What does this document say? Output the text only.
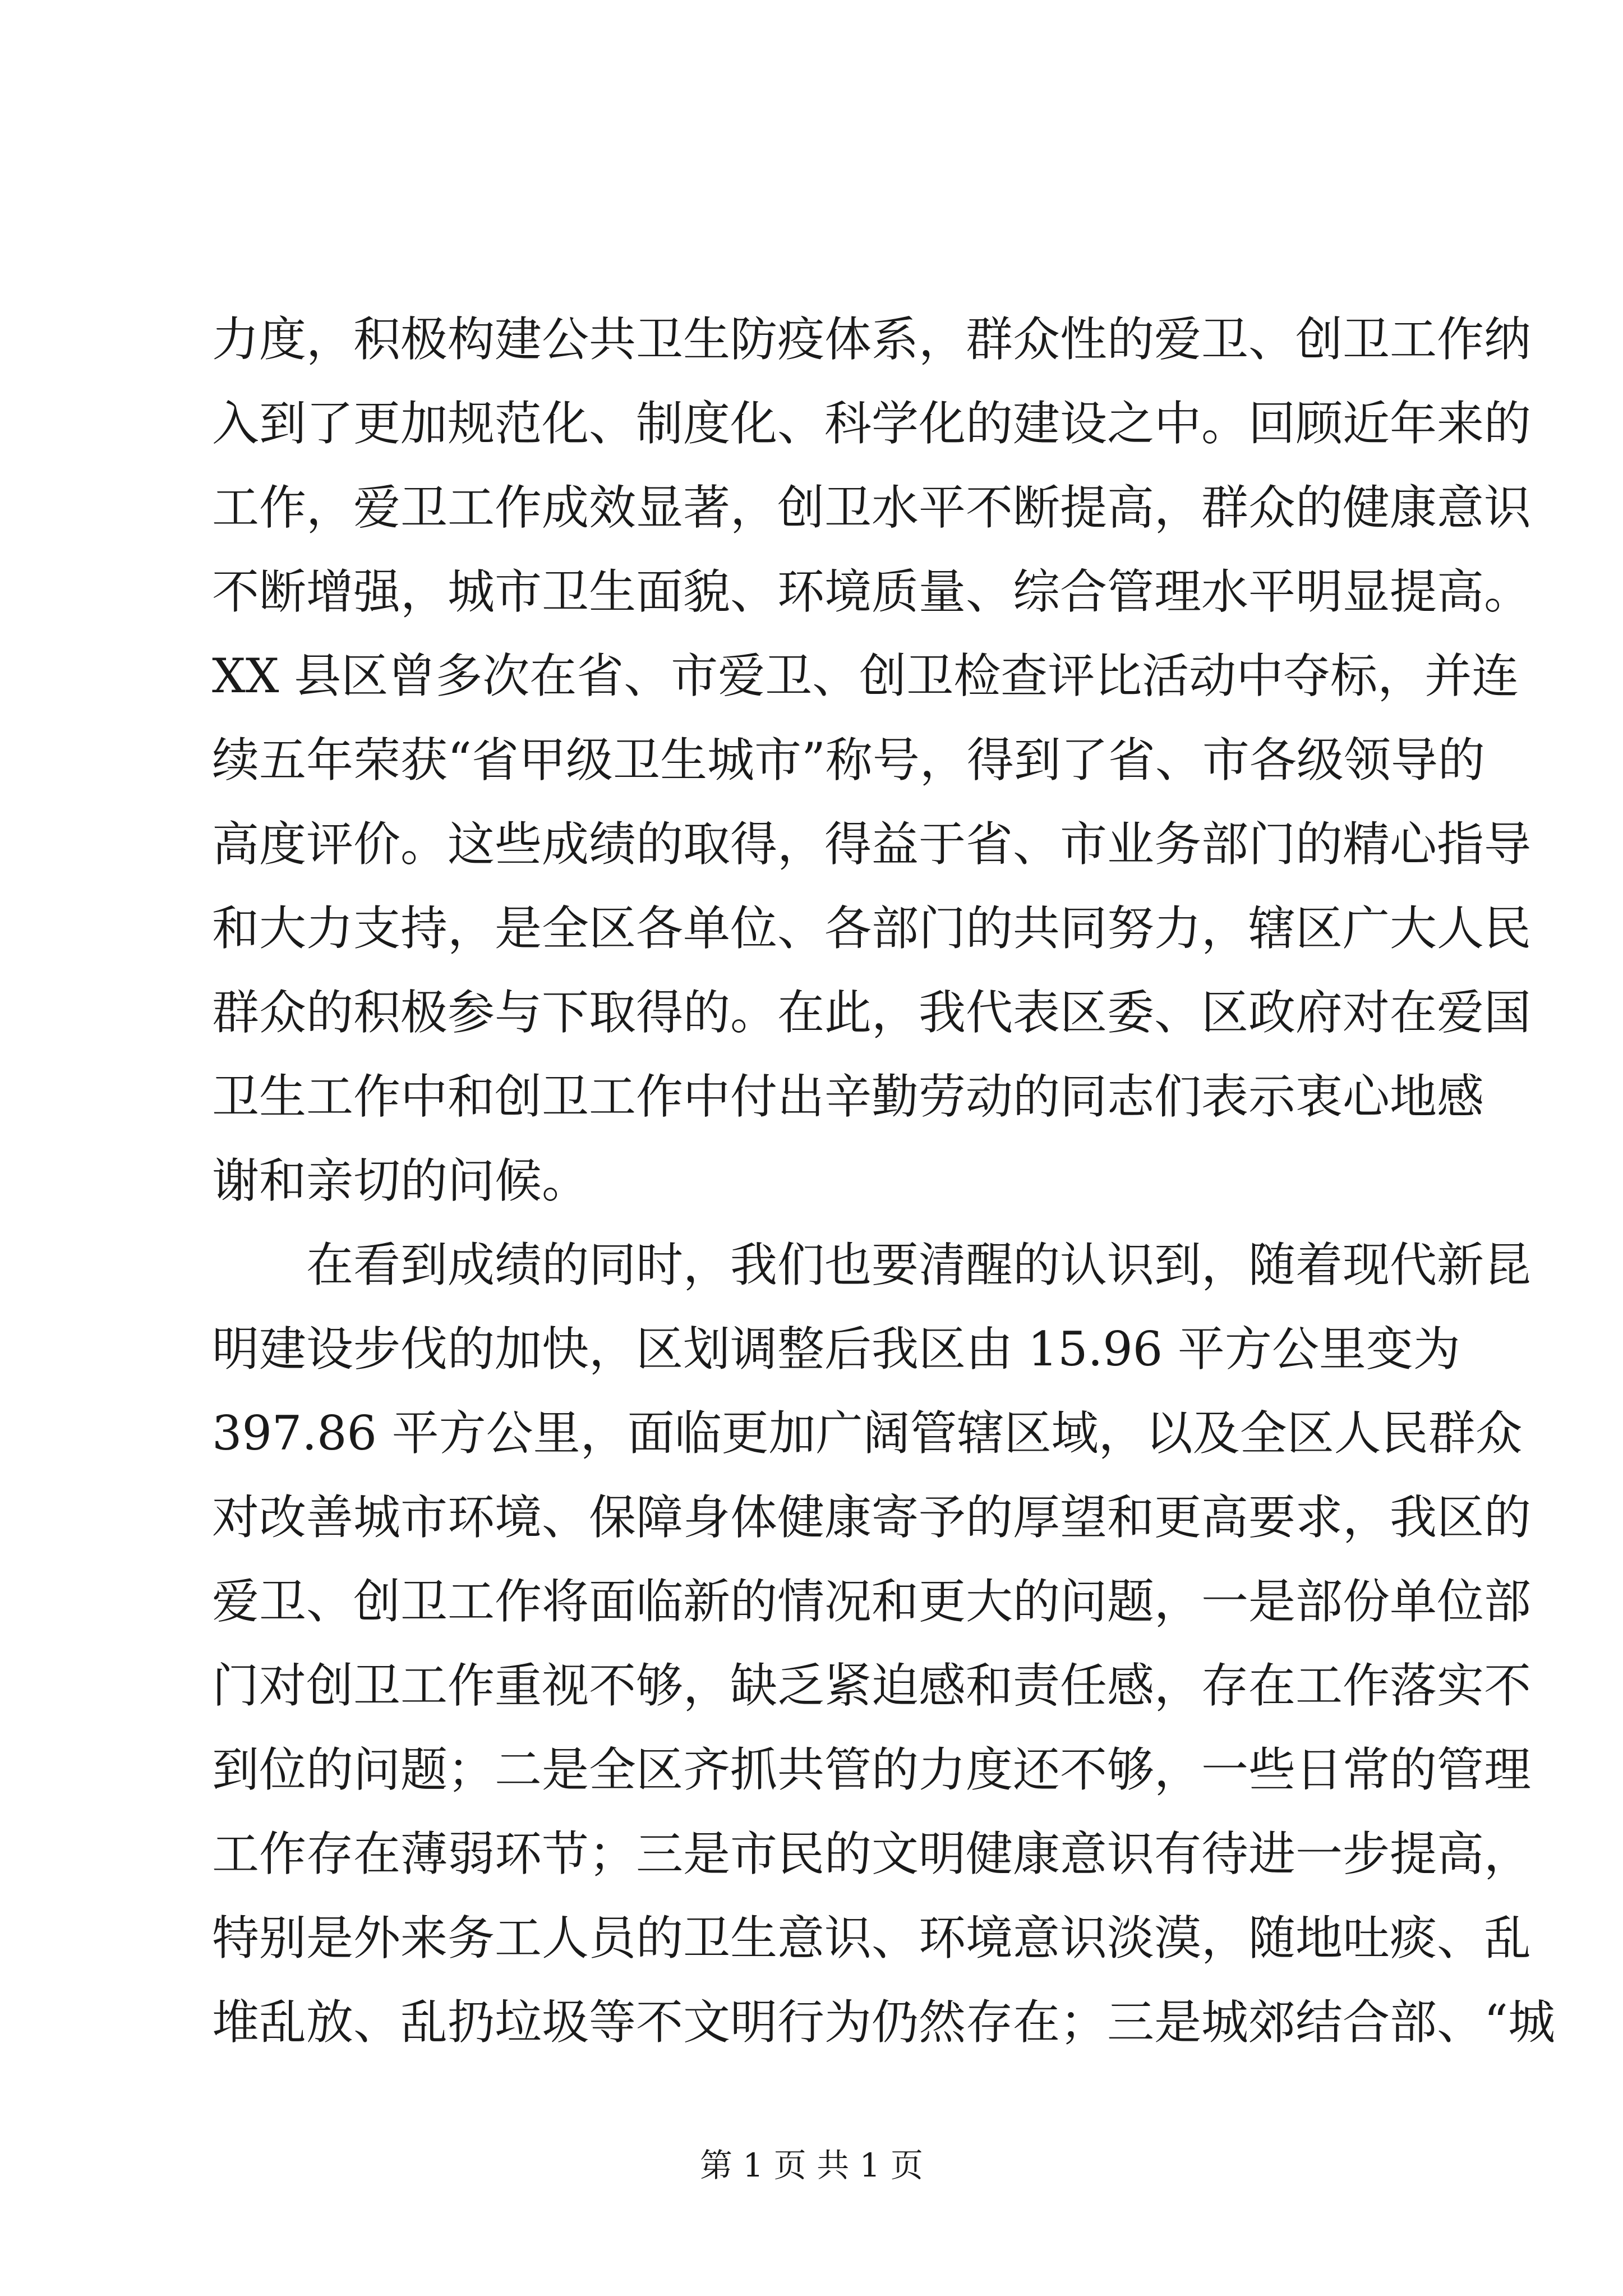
力度，积极构建公共卫生防疫体系，群众性的爱卫、创卫工作纳
入到了更加规范化、制度化、科学化的建设之中。回顾近年来的
工作，爱卫工作成效显著，创卫水平不断提高，群众的健康意识
不断增强，城市卫生面貌、环境质量、综合管理水平明显提高。
XX 县区曾多次在省、市爱卫、创卫检查评比活动中夺标，并连
续五年荣获“省甲级卫生城市”称号，得到了省、市各级领导的
高度评价。这些成绩的取得，得益于省、市业务部门的精心指导
和大力支持，是全区各单位、各部门的共同努力，辖区广大人民
群众的积极参与下取得的。在此，我代表区委、区政府对在爱国
卫生工作中和创卫工作中付出辛勤劳动的同志们表示衷心地感
谢和亲切的问候。
在看到成绩的同时，我们也要清醒的认识到，随着现代新昆
明建设步伐的加快，区划调整后我区由 15.96 平方公里变为
397.86 平方公里，面临更加广阔管辖区域，以及全区人民群众
对改善城市环境、保障身体健康寄予的厚望和更高要求，我区的
爱卫、创卫工作将面临新的情况和更大的问题，一是部份单位部
门对创卫工作重视不够，缺乏紧迫感和责任感，存在工作落实不
到位的问题；二是全区齐抓共管的力度还不够，一些日常的管理
工作存在薄弱环节；三是市民的文明健康意识有待进一步提高，
特别是外来务工人员的卫生意识、环境意识淡漠，随地吐痰、乱
堆乱放、乱扔垃圾等不文明行为仍然存在；三是城郊结合部、“城
第 1 页 共 1 页
